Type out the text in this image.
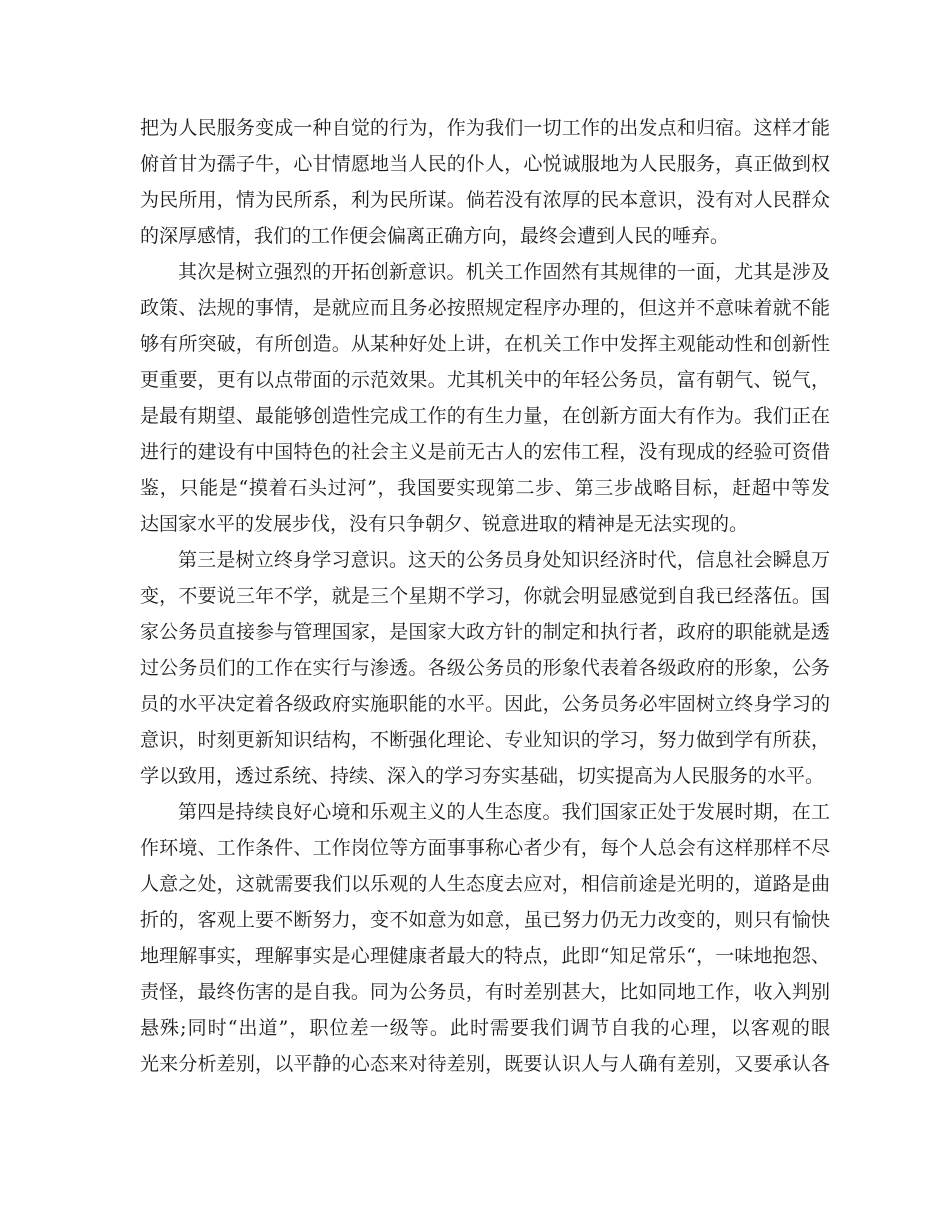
把为人民服务变成一种自觉的行为，作为我们一切工作的出发点和归宿。这样才能
俯首甘为孺子牛，心甘情愿地当人民的仆人，心悦诚服地为人民服务，真正做到权
为民所用，情为民所系，利为民所谋。倘若没有浓厚的民本意识，没有对人民群众
的深厚感情，我们的工作便会偏离正确方向，最终会遭到人民的唾弃。
其次是树立强烈的开拓创新意识。机关工作固然有其规律的一面，尤其是涉及
政策、法规的事情，是就应而且务必按照规定程序办理的，但这并不意味着就不能
够有所突破，有所创造。从某种好处上讲，在机关工作中发挥主观能动性和创新性
更重要，更有以点带面的示范效果。尤其机关中的年轻公务员，富有朝气、锐气，
是最有期望、最能够创造性完成工作的有生力量，在创新方面大有作为。我们正在
进行的建设有中国特色的社会主义是前无古人的宏伟工程，没有现成的经验可资借
鉴，只能是“摸着石头过河”，我国要实现第二步、第三步战略目标，赶超中等发
达国家水平的发展步伐，没有只争朝夕、锐意进取的精神是无法实现的。
第三是树立终身学习意识。这天的公务员身处知识经济时代，信息社会瞬息万
变，不要说三年不学，就是三个星期不学习，你就会明显感觉到自我已经落伍。国
家公务员直接参与管理国家，是国家大政方针的制定和执行者，政府的职能就是透
过公务员们的工作在实行与渗透。各级公务员的形象代表着各级政府的形象，公务
员的水平决定着各级政府实施职能的水平。因此，公务员务必牢固树立终身学习的
意识，时刻更新知识结构，不断强化理论、专业知识的学习，努力做到学有所获，
学以致用，透过系统、持续、深入的学习夯实基础，切实提高为人民服务的水平。
第四是持续良好心境和乐观主义的人生态度。我们国家正处于发展时期，在工
作环境、工作条件、工作岗位等方面事事称心者少有，每个人总会有这样那样不尽
人意之处，这就需要我们以乐观的人生态度去应对，相信前途是光明的，道路是曲
折的，客观上要不断努力，变不如意为如意，虽已努力仍无力改变的，则只有愉快
地理解事实，理解事实是心理健康者最大的特点，此即“知足常乐“，一味地抱怨、
责怪，最终伤害的是自我。同为公务员，有时差别甚大，比如同地工作，收入判别
悬殊;同时“出道”，职位差一级等。此时需要我们调节自我的心理，以客观的眼
光来分析差别，以平静的心态来对待差别，既要认识人与人确有差别，又要承认各
